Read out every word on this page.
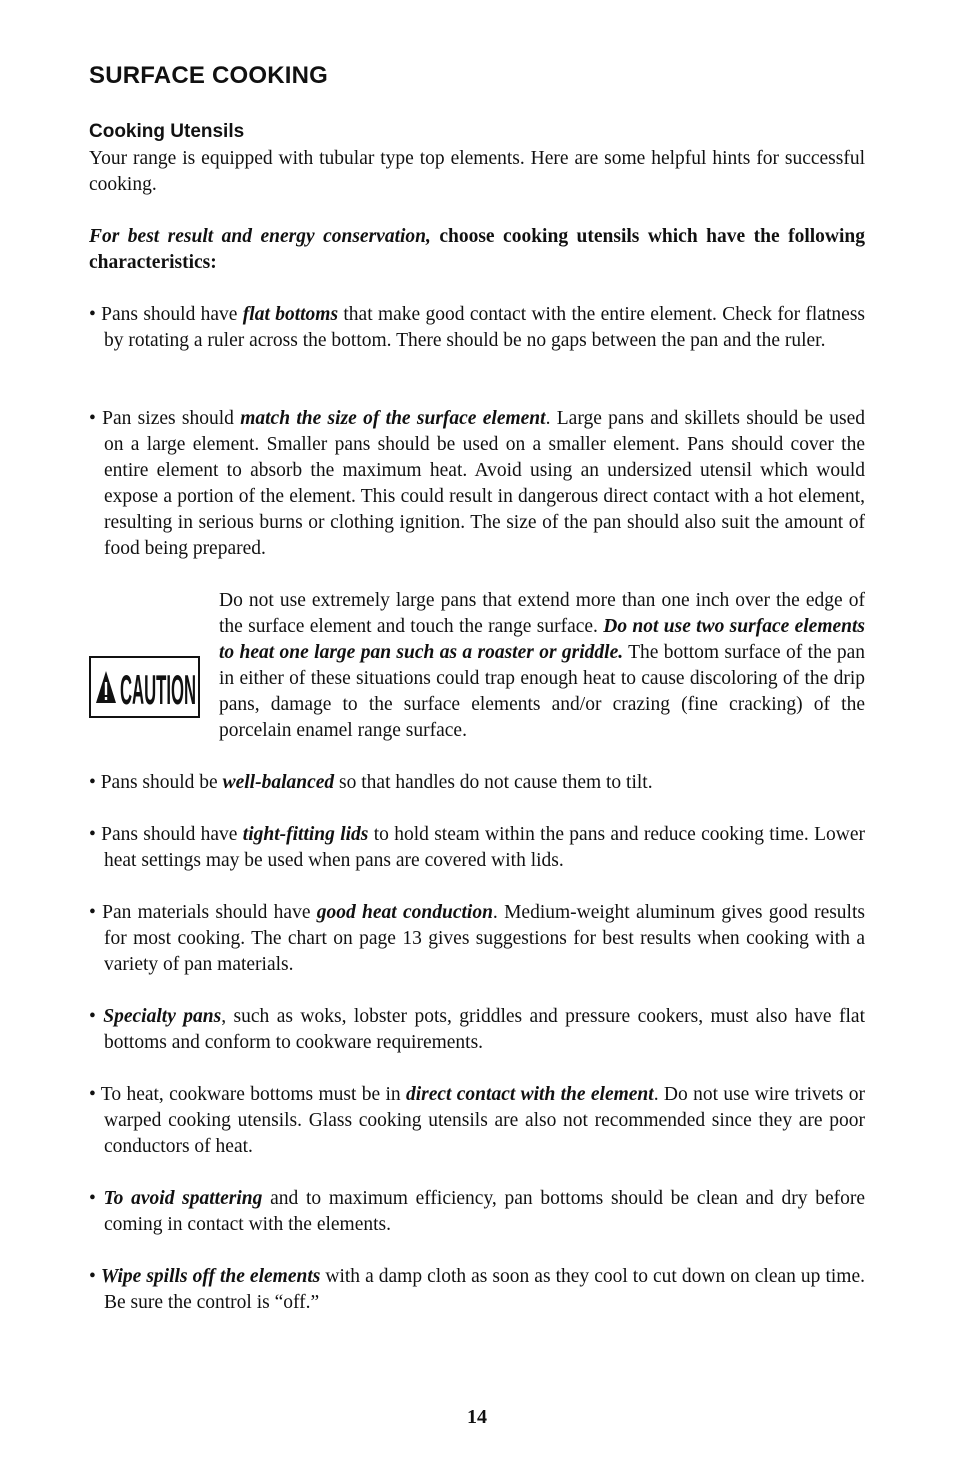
SURFACE COOKING
Cooking Utensils

Your range is equipped with tubular type top elements. Here are some helpful hints for successful cooking.

For best result and energy conservation, choose cooking utensils which have the following characteristics:

• Pans should have flat bottoms that make good contact with the entire element. Check for flatness by rotating a ruler across the bottom. There should be no gaps between the pan and the ruler.

• Pan sizes should match the size of the surface element. Large pans and skillets should be used on a large element. Smaller pans should be used on a smaller element. Pans should cover the entire element to absorb the maximum heat. Avoid using an undersized utensil which would expose a portion of the element. This could result in dangerous direct contact with a hot element, resulting in serious burns or clothing ignition. The size of the pan should also suit the amount of food being prepared.

CAUTION

Do not use extremely large pans that extend more than one inch over the edge of the surface element and touch the range surface. Do not use two surface elements to heat one large pan such as a roaster or griddle. The bottom surface of the pan in either of these situations could trap enough heat to cause discoloring of the drip pans, damage to the surface elements and/or crazing (fine cracking) of the porcelain enamel range surface.

• Pans should be well-balanced so that handles do not cause them to tilt.

• Pans should have tight-fitting lids to hold steam within the pans and reduce cooking time. Lower heat settings may be used when pans are covered with lids.

• Pan materials should have good heat conduction. Medium-weight aluminum gives good results for most cooking. The chart on page 13 gives suggestions for best results when cooking with a variety of pan materials.

• Specialty pans, such as woks, lobster pots, griddles and pressure cookers, must also have flat bottoms and conform to cookware requirements.

• To heat, cookware bottoms must be in direct contact with the element. Do not use wire trivets or warped cooking utensils. Glass cooking utensils are also not recommended since they are poor conductors of heat.

• To avoid spattering and to maximum efficiency, pan bottoms should be clean and dry before coming in contact with the elements.

• Wipe spills off the elements with a damp cloth as soon as they cool to cut down on clean up time. Be sure the control is “off.”

14
